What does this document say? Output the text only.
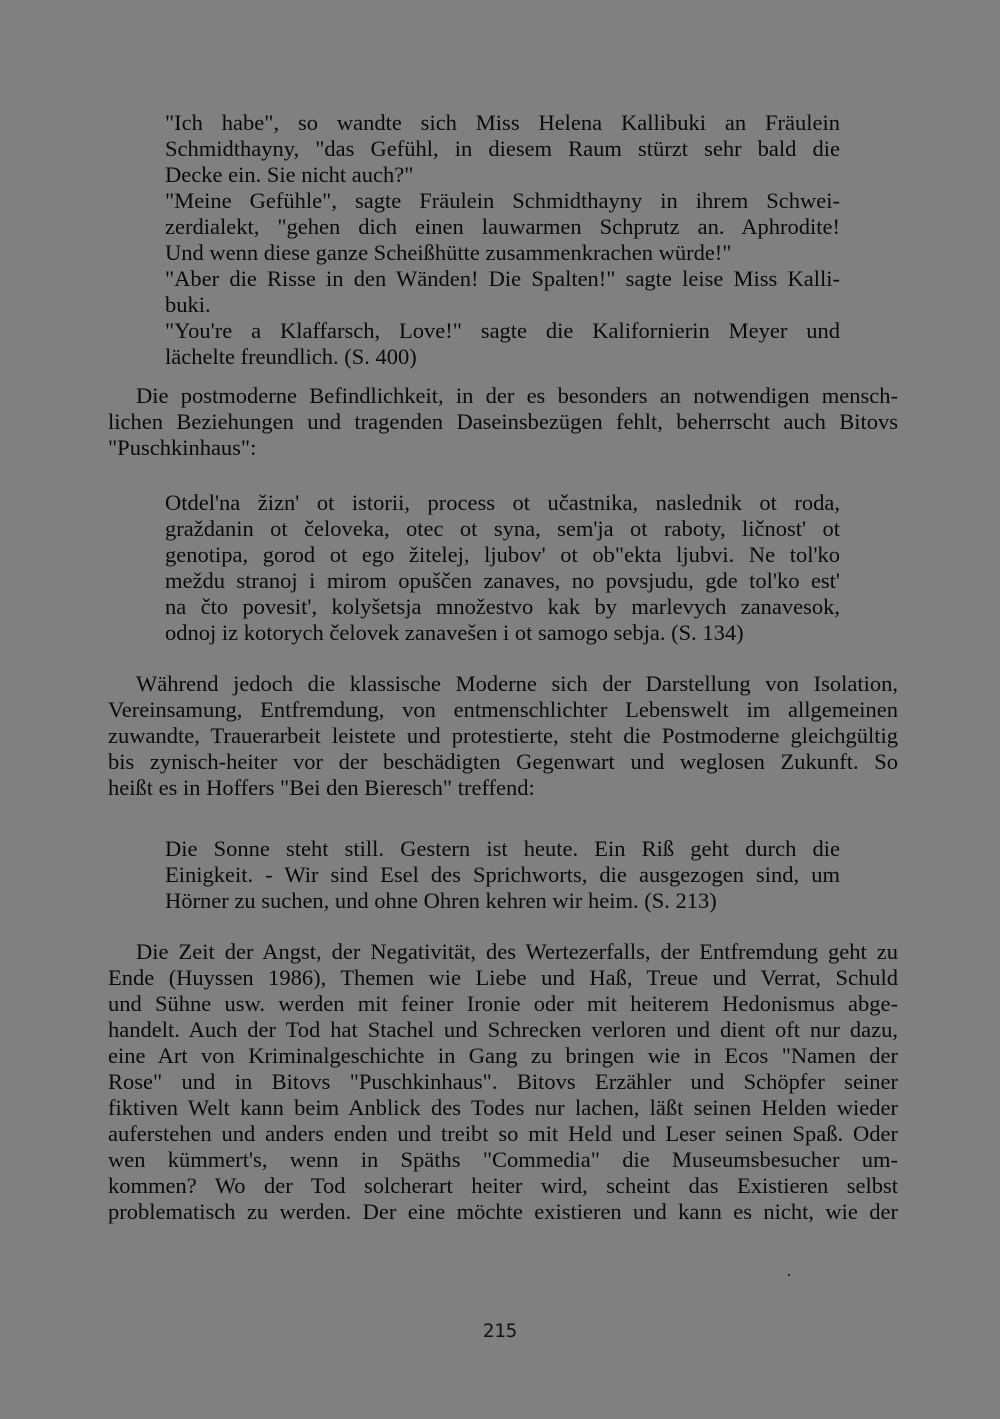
"Ich habe", so wandte sich Miss Helena Kallibuki an Fräulein
Schmidthayny, "das Gefühl, in diesem Raum stürzt sehr bald die
Decke ein. Sie nicht auch?"
"Meine Gefühle", sagte Fräulein Schmidthayny in ihrem Schwei-
zerdialekt, "gehen dich einen lauwarmen Schprutz an. Aphrodite!
Und wenn diese ganze Scheißhütte zusammenkrachen würde!"
"Aber die Risse in den Wänden! Die Spalten!" sagte leise Miss Kalli-
buki.
"You're a Klaffarsch, Love!" sagte die Kalifornierin Meyer und
lächelte freundlich. (S. 400)
Die postmoderne Befindlichkeit, in der es besonders an notwendigen mensch-
lichen Beziehungen und tragenden Daseinsbezügen fehlt, beherrscht auch Bitovs
"Puschkinhaus":
Otdel'na žizn' ot istorii, process ot učastnika, naslednik ot roda,
graždanin ot čeloveka, otec ot syna, sem'ja ot raboty, ličnost' ot
genotipa, gorod ot ego žitelej, ljubov' ot ob"ekta ljubvi. Ne tol'ko
meždu stranoj i mirom opuščen zanaves, no povsjudu, gde tol'ko est'
na čto povesit', kolyšetsja množestvo kak by marlevych zanavesok,
odnoj iz kotorych čelovek zanavešen i ot samogo sebja. (S. 134)
Während jedoch die klassische Moderne sich der Darstellung von Isolation,
Vereinsamung, Entfremdung, von entmenschlichter Lebenswelt im allgemeinen
zuwandte, Trauerarbeit leistete und protestierte, steht die Postmoderne gleichgültig
bis zynisch-heiter vor der beschädigten Gegenwart und weglosen Zukunft. So
heißt es in Hoffers "Bei den Bieresch" treffend:
Die Sonne steht still. Gestern ist heute. Ein Riß geht durch die
Einigkeit. - Wir sind Esel des Sprichworts, die ausgezogen sind, um
Hörner zu suchen, und ohne Ohren kehren wir heim. (S. 213)
Die Zeit der Angst, der Negativität, des Wertezerfalls, der Entfremdung geht zu
Ende (Huyssen 1986), Themen wie Liebe und Haß, Treue und Verrat, Schuld
und Sühne usw. werden mit feiner Ironie oder mit heiterem Hedonismus abge-
handelt. Auch der Tod hat Stachel und Schrecken verloren und dient oft nur dazu,
eine Art von Kriminalgeschichte in Gang zu bringen wie in Ecos "Namen der
Rose" und in Bitovs "Puschkinhaus". Bitovs Erzähler und Schöpfer seiner
fiktiven Welt kann beim Anblick des Todes nur lachen, läßt seinen Helden wieder
auferstehen und anders enden und treibt so mit Held und Leser seinen Spaß. Oder
wen kümmert's, wenn in Späths "Commedia" die Museumsbesucher um-
kommen? Wo der Tod solcherart heiter wird, scheint das Existieren selbst
problematisch zu werden. Der eine möchte existieren und kann es nicht, wie der
215
